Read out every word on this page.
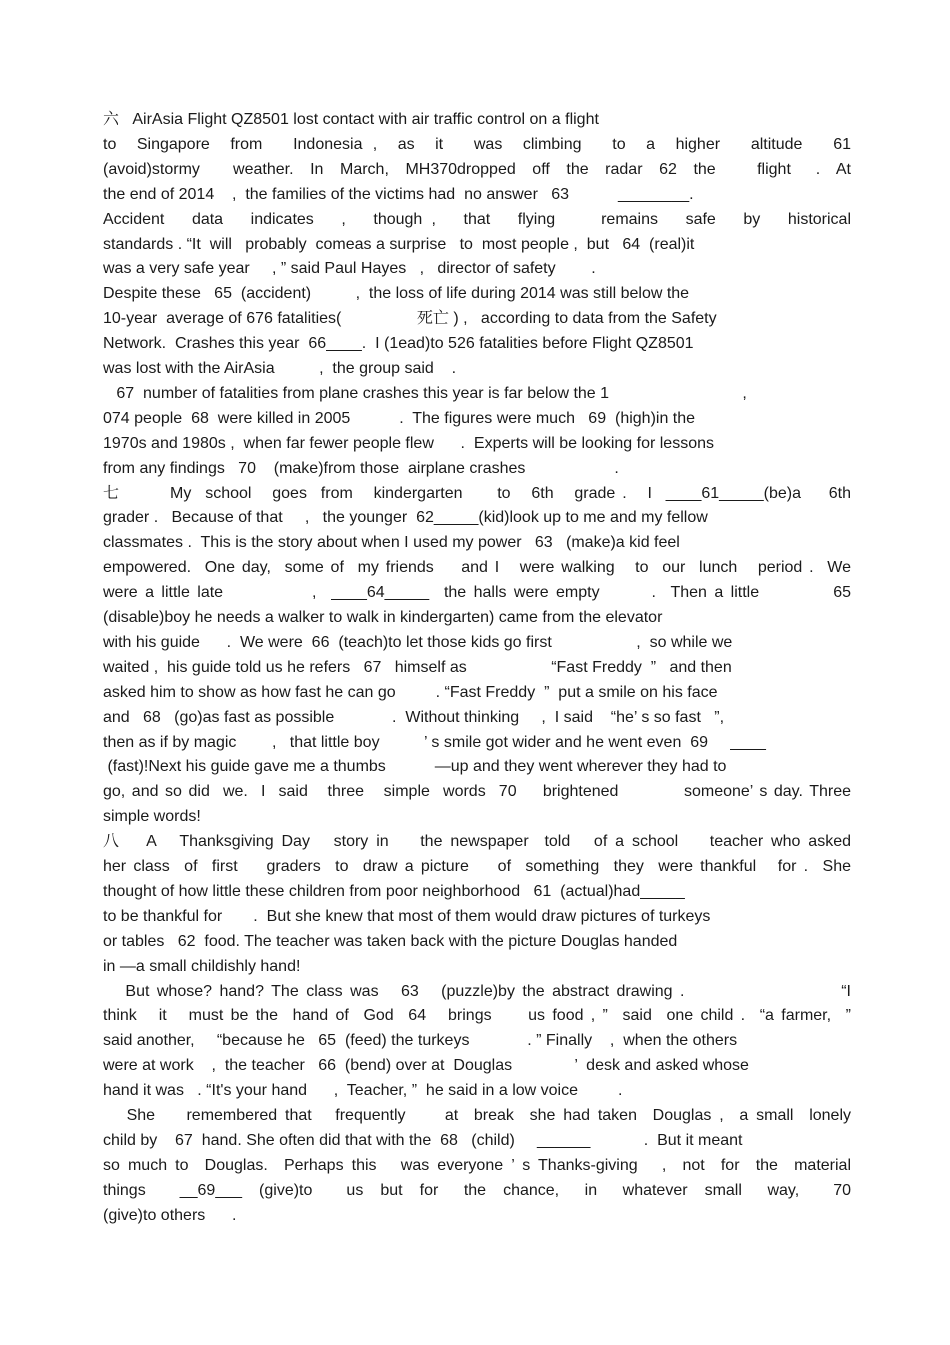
六   AirAsia Flight QZ8501 lost contact with air traffic control on a flight
to  Singapore  from   Indonesia ,  as  it   was  climbing   to  a  higher   altitude   61
(avoid)stormy    weather.  In  March,  MH370dropped  off  the  radar  62  the     flight   .  At
the end of 2014    ,  the families of the victims had  no answer   63           ________.
Accident   data   indicates   ,   though ,   that   flying     remains   safe   by   historical
standards . “It  will   probably  comeas a surprise   to  most people ,  but   64  (real)it
was a very safe year     , ” said Paul Hayes   ,   director of safety        .
Despite these   65  (accident)          ,  the loss of life during 2014 was still below the
10-year  average of 676 fatalities(                 死亡 ) ,   according to data from the Safety
Network.  Crashes this year  66____.  I (1ead)to 526 fatalities before Flight QZ8501
was lost with the AirAsia          ,  the group said    .
67  number of fatalities from plane crashes this year is far below the 1                              ,
074 people  68  were killed in 2005           .  The figures were much   69  (high)in the
1970s and 1980s ,  when far fewer people flew      .  Experts will be looking for lessons
from any findings   70    (make)from those  airplane crashes                    .
七       My  school   goes  from   kindergarten     to   6th   grade .   I  ____61_____(be)a    6th
grader .   Because of that     ,   the younger  62_____(kid)look up to me and my fellow
classmates .  This is the story about when I used my power   63   (make)a kid feel
empowered.  One day,  some of  my friends    and I   were walking   to  our  lunch   period .  We
were a little late            ,  ____64_____  the halls were empty       .  Then a little          65
(disable)boy he needs a walker to walk in kindergarten) came from the elevator
with his guide      .  We were  66  (teach)to let those kids go first                   ,  so while we
waited ,  his guide told us he refers   67   himself as                   “Fast Freddy  ”   and then
asked him to show as how fast he can go         . “Fast Freddy  ”  put a smile on his face
and   68   (go)as fast as possible             .  Without thinking     ,  I said    “he’ s so fast   ”,
then as if by magic        ,   that little boy          ’ s smile got wider and he went even  69     ____
(fast)!Next his guide gave me a thumbs           —up and they went wherever they had to
go, and so did  we.  I  said   three   simple  words  70    brightened          someone’ s day. Three
simple words!
八   A   Thanksgiving Day   story in    the newspaper  told   of a school    teacher who asked
her class  of  first    graders  to  draw a picture    of  something  they  were thankful   for .  She
thought of how little these children from poor neighborhood   61  (actual)had_____
to be thankful for       .  But she knew that most of them would draw pictures of turkeys
or tables   62  food. The teacher was taken back with the picture Douglas handed
in —a small childishly hand!
But whose? hand? The class was   63   (puzzle)by the abstract drawing .                     “I
think   it   must be the  hand of  God  64   brings     us food , ”  said  one child .  “a farmer,  ”
said another,     “because he   65  (feed) the turkeys             . ” Finally    ,  when the others
were at work    ,  the teacher   66  (bend) over at  Douglas              ’  desk and asked whose
hand it was   . “It's your hand      ,  Teacher, ”  he said in a low voice         .
She    remembered that   frequently     at  break  she had taken  Douglas ,  a small  lonely
child by    67  hand. She often did that with the  68   (child)     ______            .  But it meant
so much to  Douglas.  Perhaps this   was everyone ’ s Thanks-giving   ,  not  for  the  material
things    __69___  (give)to    us  but  for   the  chance,   in   whatever  small   way,    70
(give)to others      .
